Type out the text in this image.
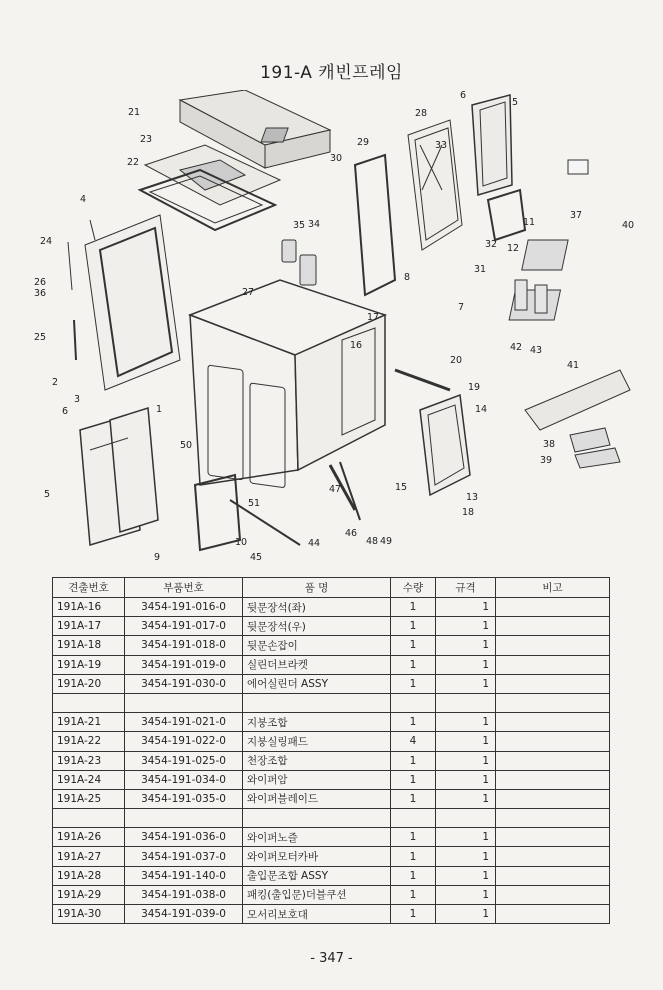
191-A 캐빈프레임
21
23
22
4
24
26
36
25
2
3
6
5
1
50
27
35 34
30
29
28
33
6
5
11
12
32
31
8
7
17
16
20
19
14
13
18
15
47
46
44	48 49
51
10
9	45
37
40
41
42 43
38
39
견출번호	부품번호	품 명	수량	규격	비고
191A-16	3454-191-016-0	뒷문장석(좌)	1	1	
191A-17	3454-191-017-0	뒷문장석(우)	1	1	
191A-18	3454-191-018-0	뒷문손잡이	1	1	
191A-19	3454-191-019-0	실린더브라켓	1	1	
191A-20	3454-191-030-0	에어실린더 ASSY	1	1	

191A-21	3454-191-021-0	지붕조합	1	1	
191A-22	3454-191-022-0	지붕실링패드	4	1	
191A-23	3454-191-025-0	천장조합	1	1	
191A-24	3454-191-034-0	와이퍼암	1	1	
191A-25	3454-191-035-0	와이퍼블레이드	1	1	

191A-26	3454-191-036-0	와이퍼노즐	1	1	
191A-27	3454-191-037-0	와이퍼모터카바	1	1	
191A-28	3454-191-140-0	출입문조합 ASSY	1	1	
191A-29	3454-191-038-0	패킹(출입문)더블쿠션	1	1	
191A-30	3454-191-039-0	모서리보호대	1	1	
- 347 -
